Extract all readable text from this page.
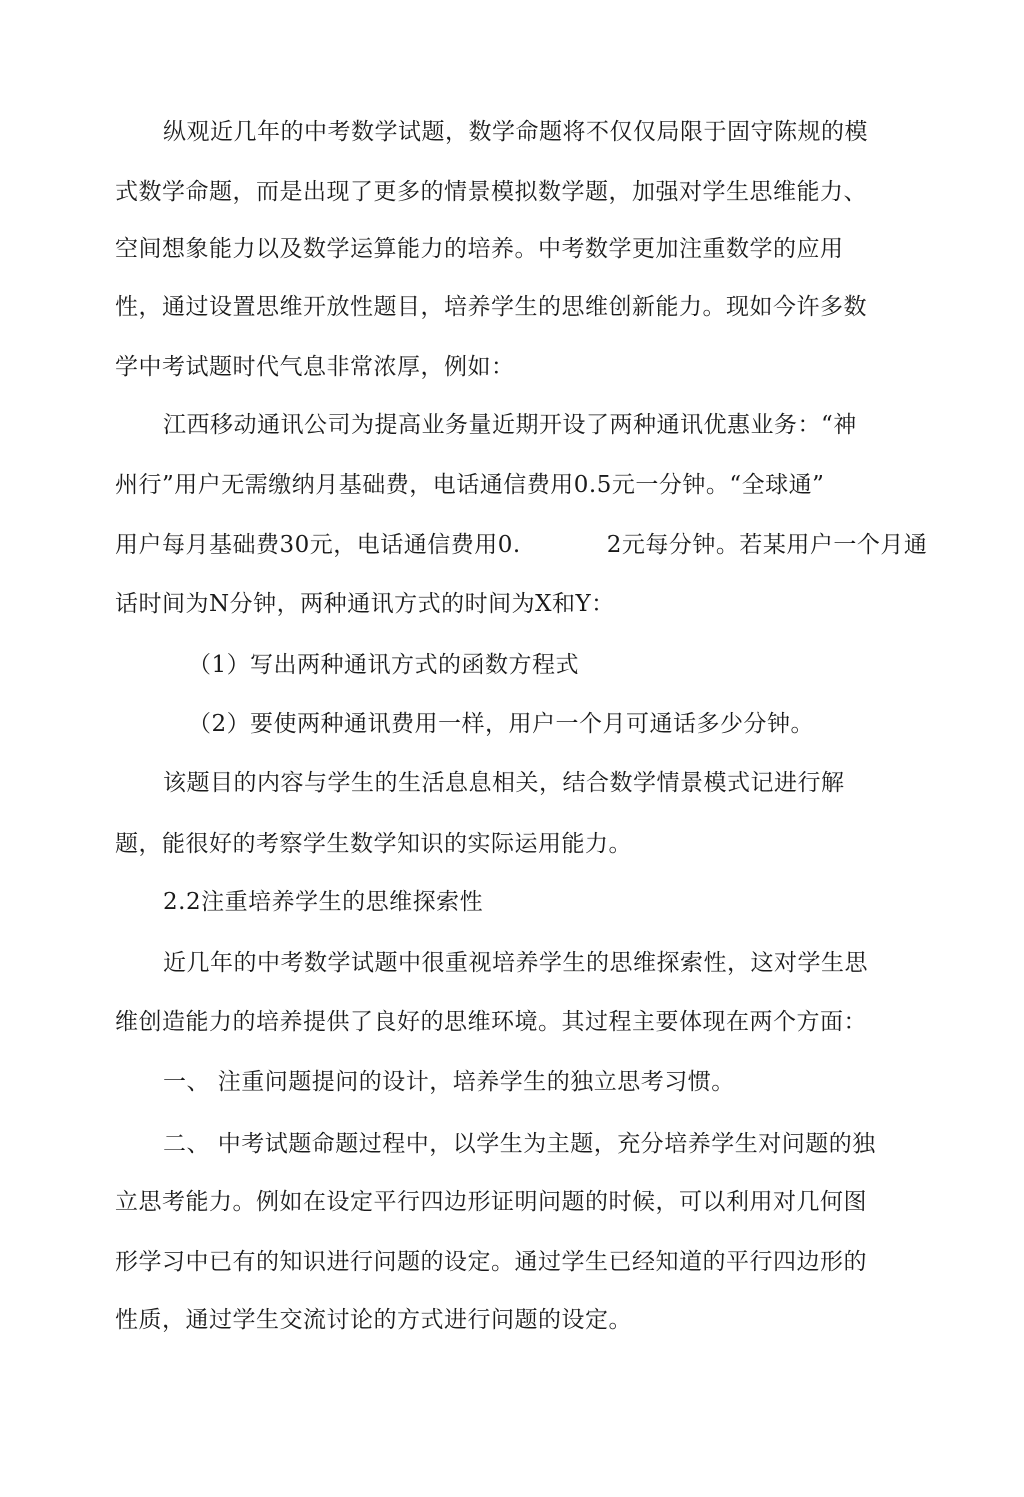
纵观近几年的中考数学试题，数学命题将不仅仅局限于固守陈规的模
式数学命题，而是出现了更多的情景模拟数学题，加强对学生思维能力、
空间想象能力以及数学运算能力的培养。中考数学更加注重数学的应用
性，通过设置思维开放性题目，培养学生的思维创新能力。现如今许多数
学中考试题时代气息非常浓厚，例如：
江西移动通讯公司为提高业务量近期开设了两种通讯优惠业务：“神
州行”用户无需缴纳月基础费，电话通信费用0.5元一分钟。“全球通”
用户每月基础费30元，电话通信费用0.	2元每分钟。若某用户一个月通
话时间为N分钟，两种通讯方式的时间为X和Y：
（1）写出两种通讯方式的函数方程式
（2）要使两种通讯费用一样，用户一个月可通话多少分钟。
该题目的内容与学生的生活息息相关，结合数学情景模式记进行解
题，能很好的考察学生数学知识的实际运用能力。
2.2注重培养学生的思维探索性
近几年的中考数学试题中很重视培养学生的思维探索性，这对学生思
维创造能力的培养提供了良好的思维环境。其过程主要体现在两个方面：
一、 注重问题提问的设计，培养学生的独立思考习惯。
二、 中考试题命题过程中，以学生为主题，充分培养学生对问题的独
立思考能力。例如在设定平行四边形证明问题的时候，可以利用对几何图
形学习中已有的知识进行问题的设定。通过学生已经知道的平行四边形的
性质，通过学生交流讨论的方式进行问题的设定。
